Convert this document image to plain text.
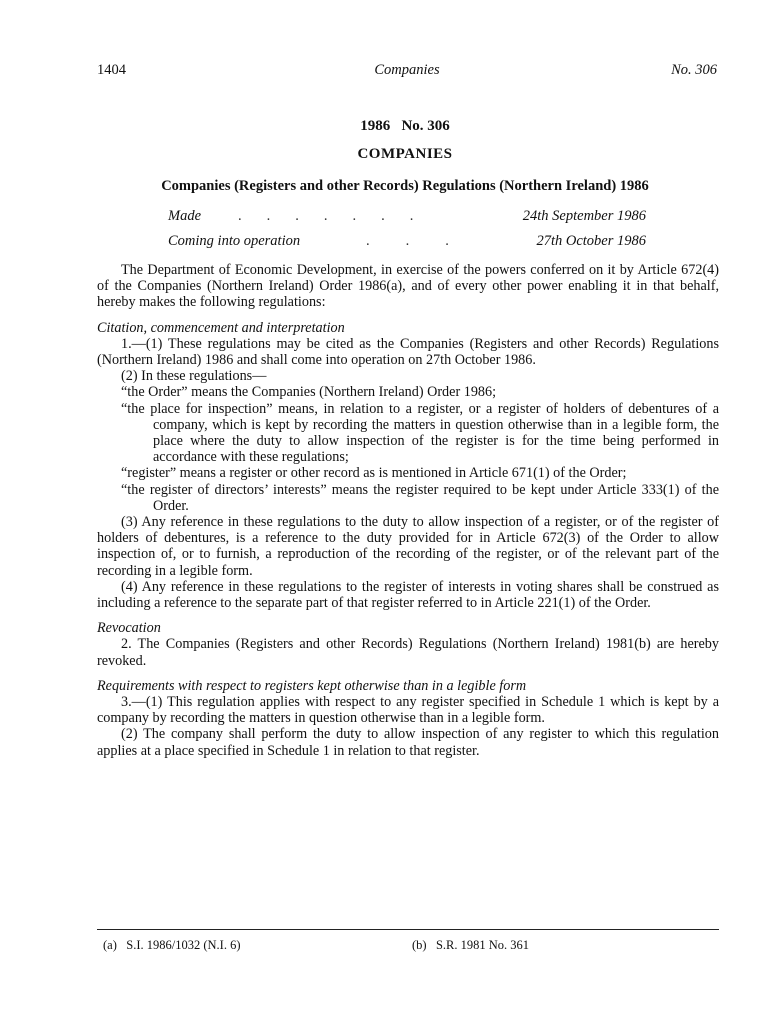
1404	Companies	No. 306
1986   No. 306
COMPANIES
Companies (Registers and other Records) Regulations (Northern Ireland) 1986
Made	.......	24th September 1986
Coming into operation	...	27th October 1986

The Department of Economic Development, in exercise of the powers conferred on it by Article 672(4) of the Companies (Northern Ireland) Order 1986(a), and of every other power enabling it in that behalf, hereby makes the following regulations:

Citation, commencement and interpretation

1.—(1) These regulations may be cited as the Companies (Registers and other Records) Regulations (Northern Ireland) 1986 and shall come into operation on 27th October 1986.

(2) In these regulations—

“the Order” means the Companies (Northern Ireland) Order 1986;

“the place for inspection” means, in relation to a register, or a register of holders of debentures of a company, which is kept by recording the matters in question otherwise than in a legible form, the place where the duty to allow inspection of the register is for the time being performed in accordance with these regulations;

“register” means a register or other record as is mentioned in Article 671(1) of the Order;

“the register of directors’ interests” means the register required to be kept under Article 333(1) of the Order.

(3) Any reference in these regulations to the duty to allow inspection of a register, or of the register of holders of debentures, is a reference to the duty provided for in Article 672(3) of the Order to allow inspection of, or to furnish, a reproduction of the recording of the register, or of the relevant part of the recording in a legible form.

(4) Any reference in these regulations to the register of interests in voting shares shall be construed as including a reference to the separate part of that register referred to in Article 221(1) of the Order.

Revocation

2. The Companies (Registers and other Records) Regulations (Northern Ireland) 1981(b) are hereby revoked.

Requirements with respect to registers kept otherwise than in a legible form

3.—(1) This regulation applies with respect to any register specified in Schedule 1 which is kept by a company by recording the matters in question otherwise than in a legible form.

(2) The company shall perform the duty to allow inspection of any register to which this regulation applies at a place specified in Schedule 1 in relation to that register.

(a)   S.I. 1986/1032 (N.I. 6)	(b)   S.R. 1981 No. 361
